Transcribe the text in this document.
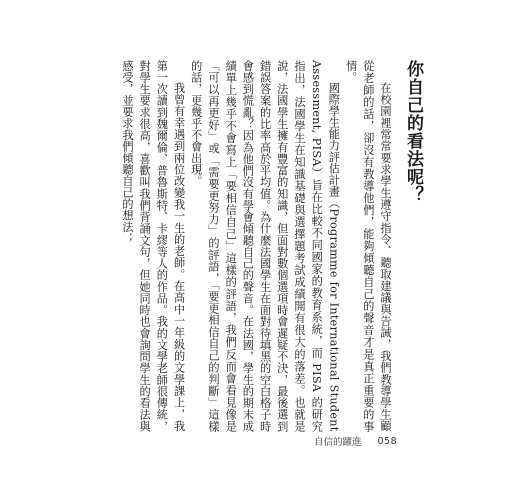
你自己的看法呢？

在校園裡常常要求學生遵守指令、聽取建議與告誡，我們教導學生顧從老師的話，卻沒有教導他們，能夠傾聽自己的聲音才是真正重要的事情。

國際學生能力評估計畫（Programme for International Student Assessment, PISA）旨在比較不同國家的教育系統，而 PISA 的研究指出，法國學生在知識基礎與選擇題考試成績開有很大的落差。也就是說，法國學生擁有豐富的知識，但面對數個選項時會遲疑不決，最後選到錯誤答案的比率高於平均值。為什麼法國學生在面對待填黑的空白格子時會感到慌亂？因為他們沒有學會傾聽自己的聲音。在法國，學生的期末成績單上幾乎不會寫上「要相信自己」這樣的評語，我們反而會看見像是「可以再更好」或「需要更努力」的評語，「要更相信自己的判斷」這樣的話，更幾乎不會出現。

我曾有幸遇到兩位改變我一生的老師。在高中一年級的文學課上，我第一次讀到魏爾倫、普魯斯特、卡繆等人的作品。我的文學老師很傳統，對學生要求很高，喜歡叫我們背誦文句，但她同時也會詢問學生的看法與感受，並要求我們傾聽自己的想法；

自信的躍進 058
